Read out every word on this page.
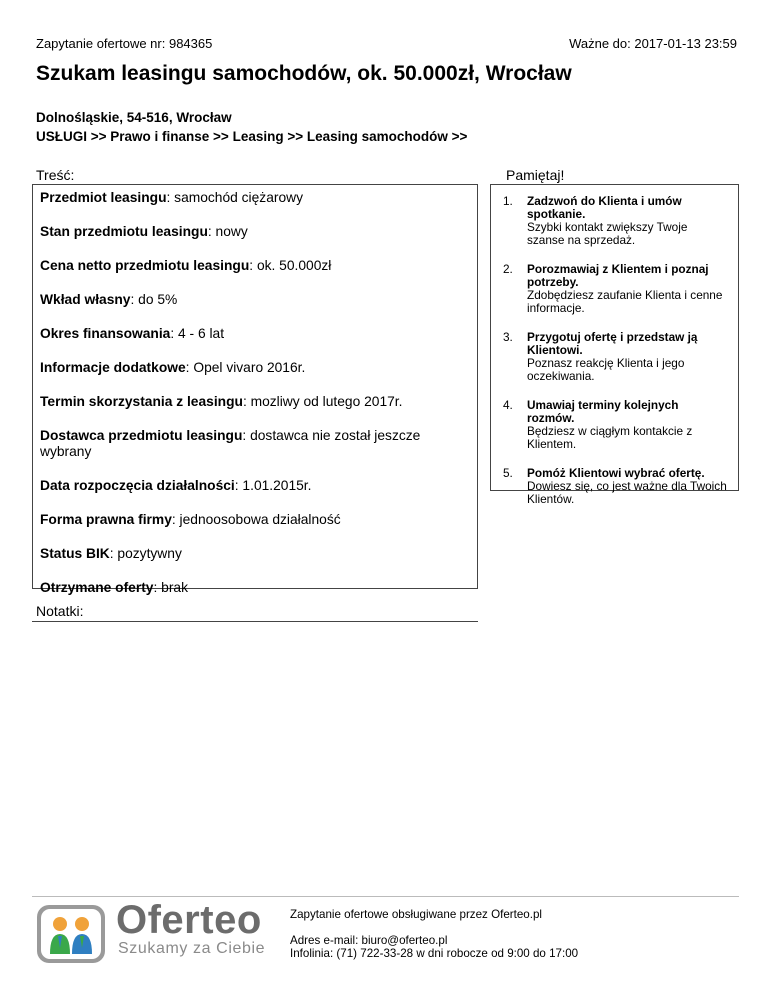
Zapytanie ofertowe nr: 984365	Ważne do: 2017-01-13 23:59
Szukam leasingu samochodów, ok. 50.000zł, Wrocław
Dolnośląskie, 54-516, Wrocław
USŁUGI >> Prawo i finanse >> Leasing >> Leasing samochodów >>
Treść:	Pamiętaj!
Przedmiot leasingu: samochód ciężarowy
Stan przedmiotu leasingu: nowy
Cena netto przedmiotu leasingu: ok. 50.000zł
Wkład własny: do 5%
Okres finansowania: 4 - 6 lat
Informacje dodatkowe: Opel vivaro 2016r.
Termin skorzystania z leasingu: mozliwy od lutego 2017r.
Dostawca przedmiotu leasingu: dostawca nie został jeszcze wybrany
Data rozpoczęcia działalności: 1.01.2015r.
Forma prawna firmy: jednoosobowa działalność
Status BIK: pozytywny
Otrzymane oferty: brak
1.	Zadzwoń do Klienta i umów spotkanie.
Szybki kontakt zwiększy Twoje szanse na sprzedaż.
2.	Porozmawiaj z Klientem i poznaj potrzeby.
Zdobędziesz zaufanie Klienta i cenne informacje.
3.	Przygotuj ofertę i przedstaw ją Klientowi.
Poznasz reakcję Klienta i jego oczekiwania.
4.	Umawiaj terminy kolejnych rozmów.
Będziesz w ciągłym kontakcie z Klientem.
5.	Pomóż Klientowi wybrać ofertę.
Dowiesz się, co jest ważne dla Twoich Klientów.
Notatki:
Oferteo
Szukamy za Ciebie
Zapytanie ofertowe obsługiwane przez Oferteo.pl
Adres e-mail: biuro@oferteo.pl
Infolinia: (71) 722-33-28 w dni robocze od 9:00 do 17:00
